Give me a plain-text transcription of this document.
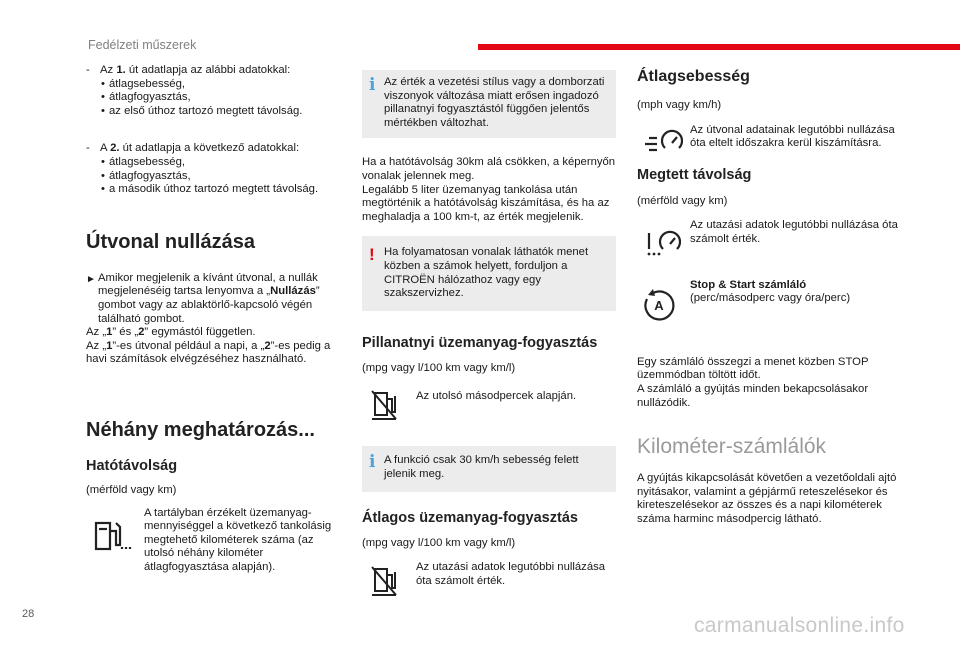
Fedélzeti műszerek
- Az 1. út adatlapja az alábbi adatokkal:
• átlagsebesség,
• átlagfogyasztás,
• az első úthoz tartozó megtett távolság.
- A 2. út adatlapja a következő adatokkal:
• átlagsebesség,
• átlagfogyasztás,
• a második úthoz tartozó megtett távolság.
Útvonal nullázása
► Amikor megjelenik a kívánt útvonal, a nullák megjelenéséig tartsa lenyomva a „Nullázás” gombot vagy az ablaktörlő-kapcsoló végén található gombot.
Az „1” és „2” egymástól független.
Az „1”-es útvonal például a napi, a „2”-es pedig a havi számítások elvégzéséhez használható.
Néhány meghatározás...
Hatótávolság
(mérföld vagy km)
A tartályban érzékelt üzemanyag-mennyiséggel a következő tankolásig megtehető kilométerek száma (az utolsó néhány kilométer átlagfogyasztása alapján).
i Az érték a vezetési stílus vagy a domborzati viszonyok változása miatt erősen ingadozó pillanatnyi fogyasztástól függően jelentős mértékben változhat.
Ha a hatótávolság 30km alá csökken, a képernyőn vonalak jelennek meg.
Legalább 5 liter üzemanyag tankolása után megtörténik a hatótávolság kiszámítása, és ha az meghaladja a 100 km-t, az érték megjelenik.
! Ha folyamatosan vonalak láthatók menet közben a számok helyett, forduljon a CITROËN hálózathoz vagy egy szakszervizhez.
Pillanatnyi üzemanyag-fogyasztás
(mpg vagy l/100 km vagy km/l)
Az utolsó másodpercek alapján.
i A funkció csak 30 km/h sebesség felett jelenik meg.
Átlagos üzemanyag-fogyasztás
(mpg vagy l/100 km vagy km/l)
Az utazási adatok legutóbbi nullázása óta számolt érték.
Átlagsebesség
(mph vagy km/h)
Az útvonal adatainak legutóbbi nullázása óta eltelt időszakra kerül kiszámításra.
Megtett távolság
(mérföld vagy km)
Az utazási adatok legutóbbi nullázása óta számolt érték.
A
Stop & Start számláló
(perc/másodperc vagy óra/perc)
Egy számláló összegzi a menet közben STOP üzemmódban töltött időt.
A számláló a gyújtás minden bekapcsolásakor nullázódik.
Kilométer-számlálók
A gyújtás kikapcsolását követően a vezetőoldali ajtó nyitásakor, valamint a gépjármű reteszelésekor és kireteszelésekor az összes és a napi kilométerek száma harminc másodpercig látható.
28	carmanualsonline.info
